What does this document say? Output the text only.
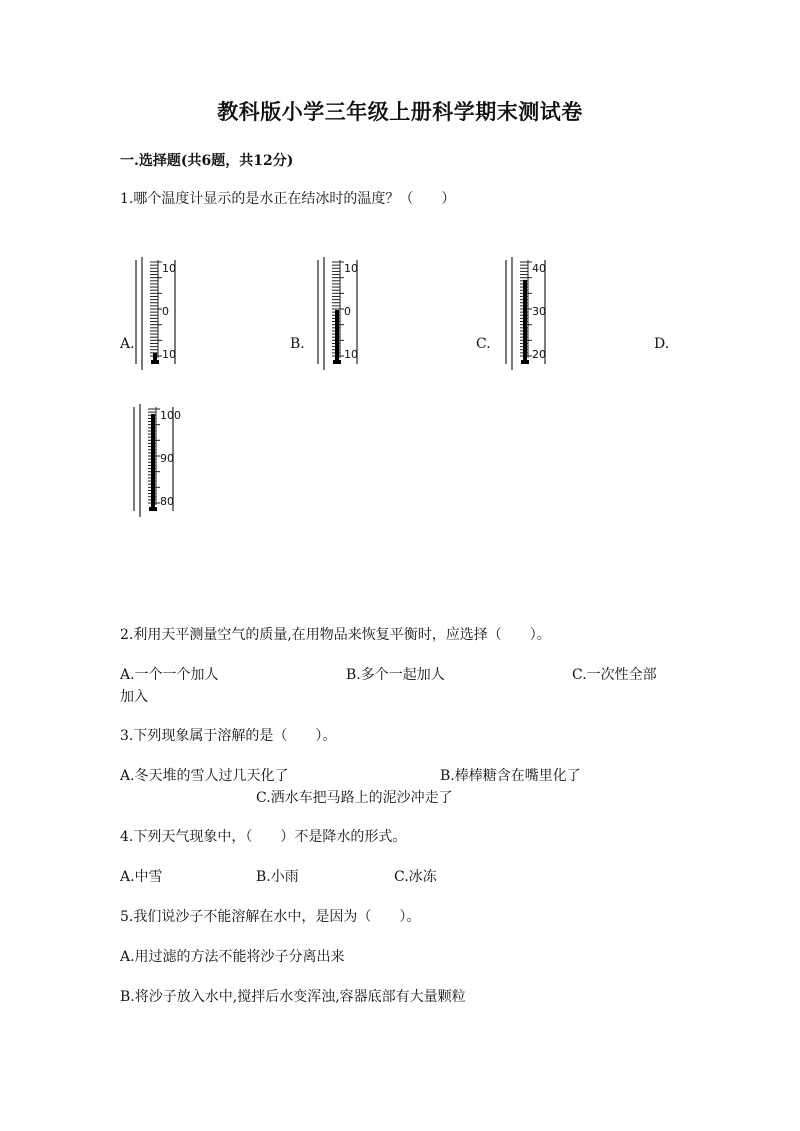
教科版小学三年级上册科学期末测试卷
一.选择题(共6题，共12分)
1.哪个温度计显示的是水正在结冰时的温度？（　　）
A.	B.	C.	D.
10
0
10
10
0
10
40
30
20
100
90
80
2.利用天平测量空气的质量,在用物品来恢复平衡时，应选择（　　）。
A.一个一个加人	B.多个一起加人	C.一次性全部
加入
3.下列现象属于溶解的是（　　）。
A.冬天堆的雪人过几天化了	B.棒棒糖含在嘴里化了
C.洒水车把马路上的泥沙冲走了
4.下列天气现象中，（　　）不是降水的形式。
A.中雪	B.小雨	C.冰冻
5.我们说沙子不能溶解在水中，是因为（　　）。
A.用过滤的方法不能将沙子分离出来
B.将沙子放入水中,搅拌后水变浑浊,容器底部有大量颗粒
